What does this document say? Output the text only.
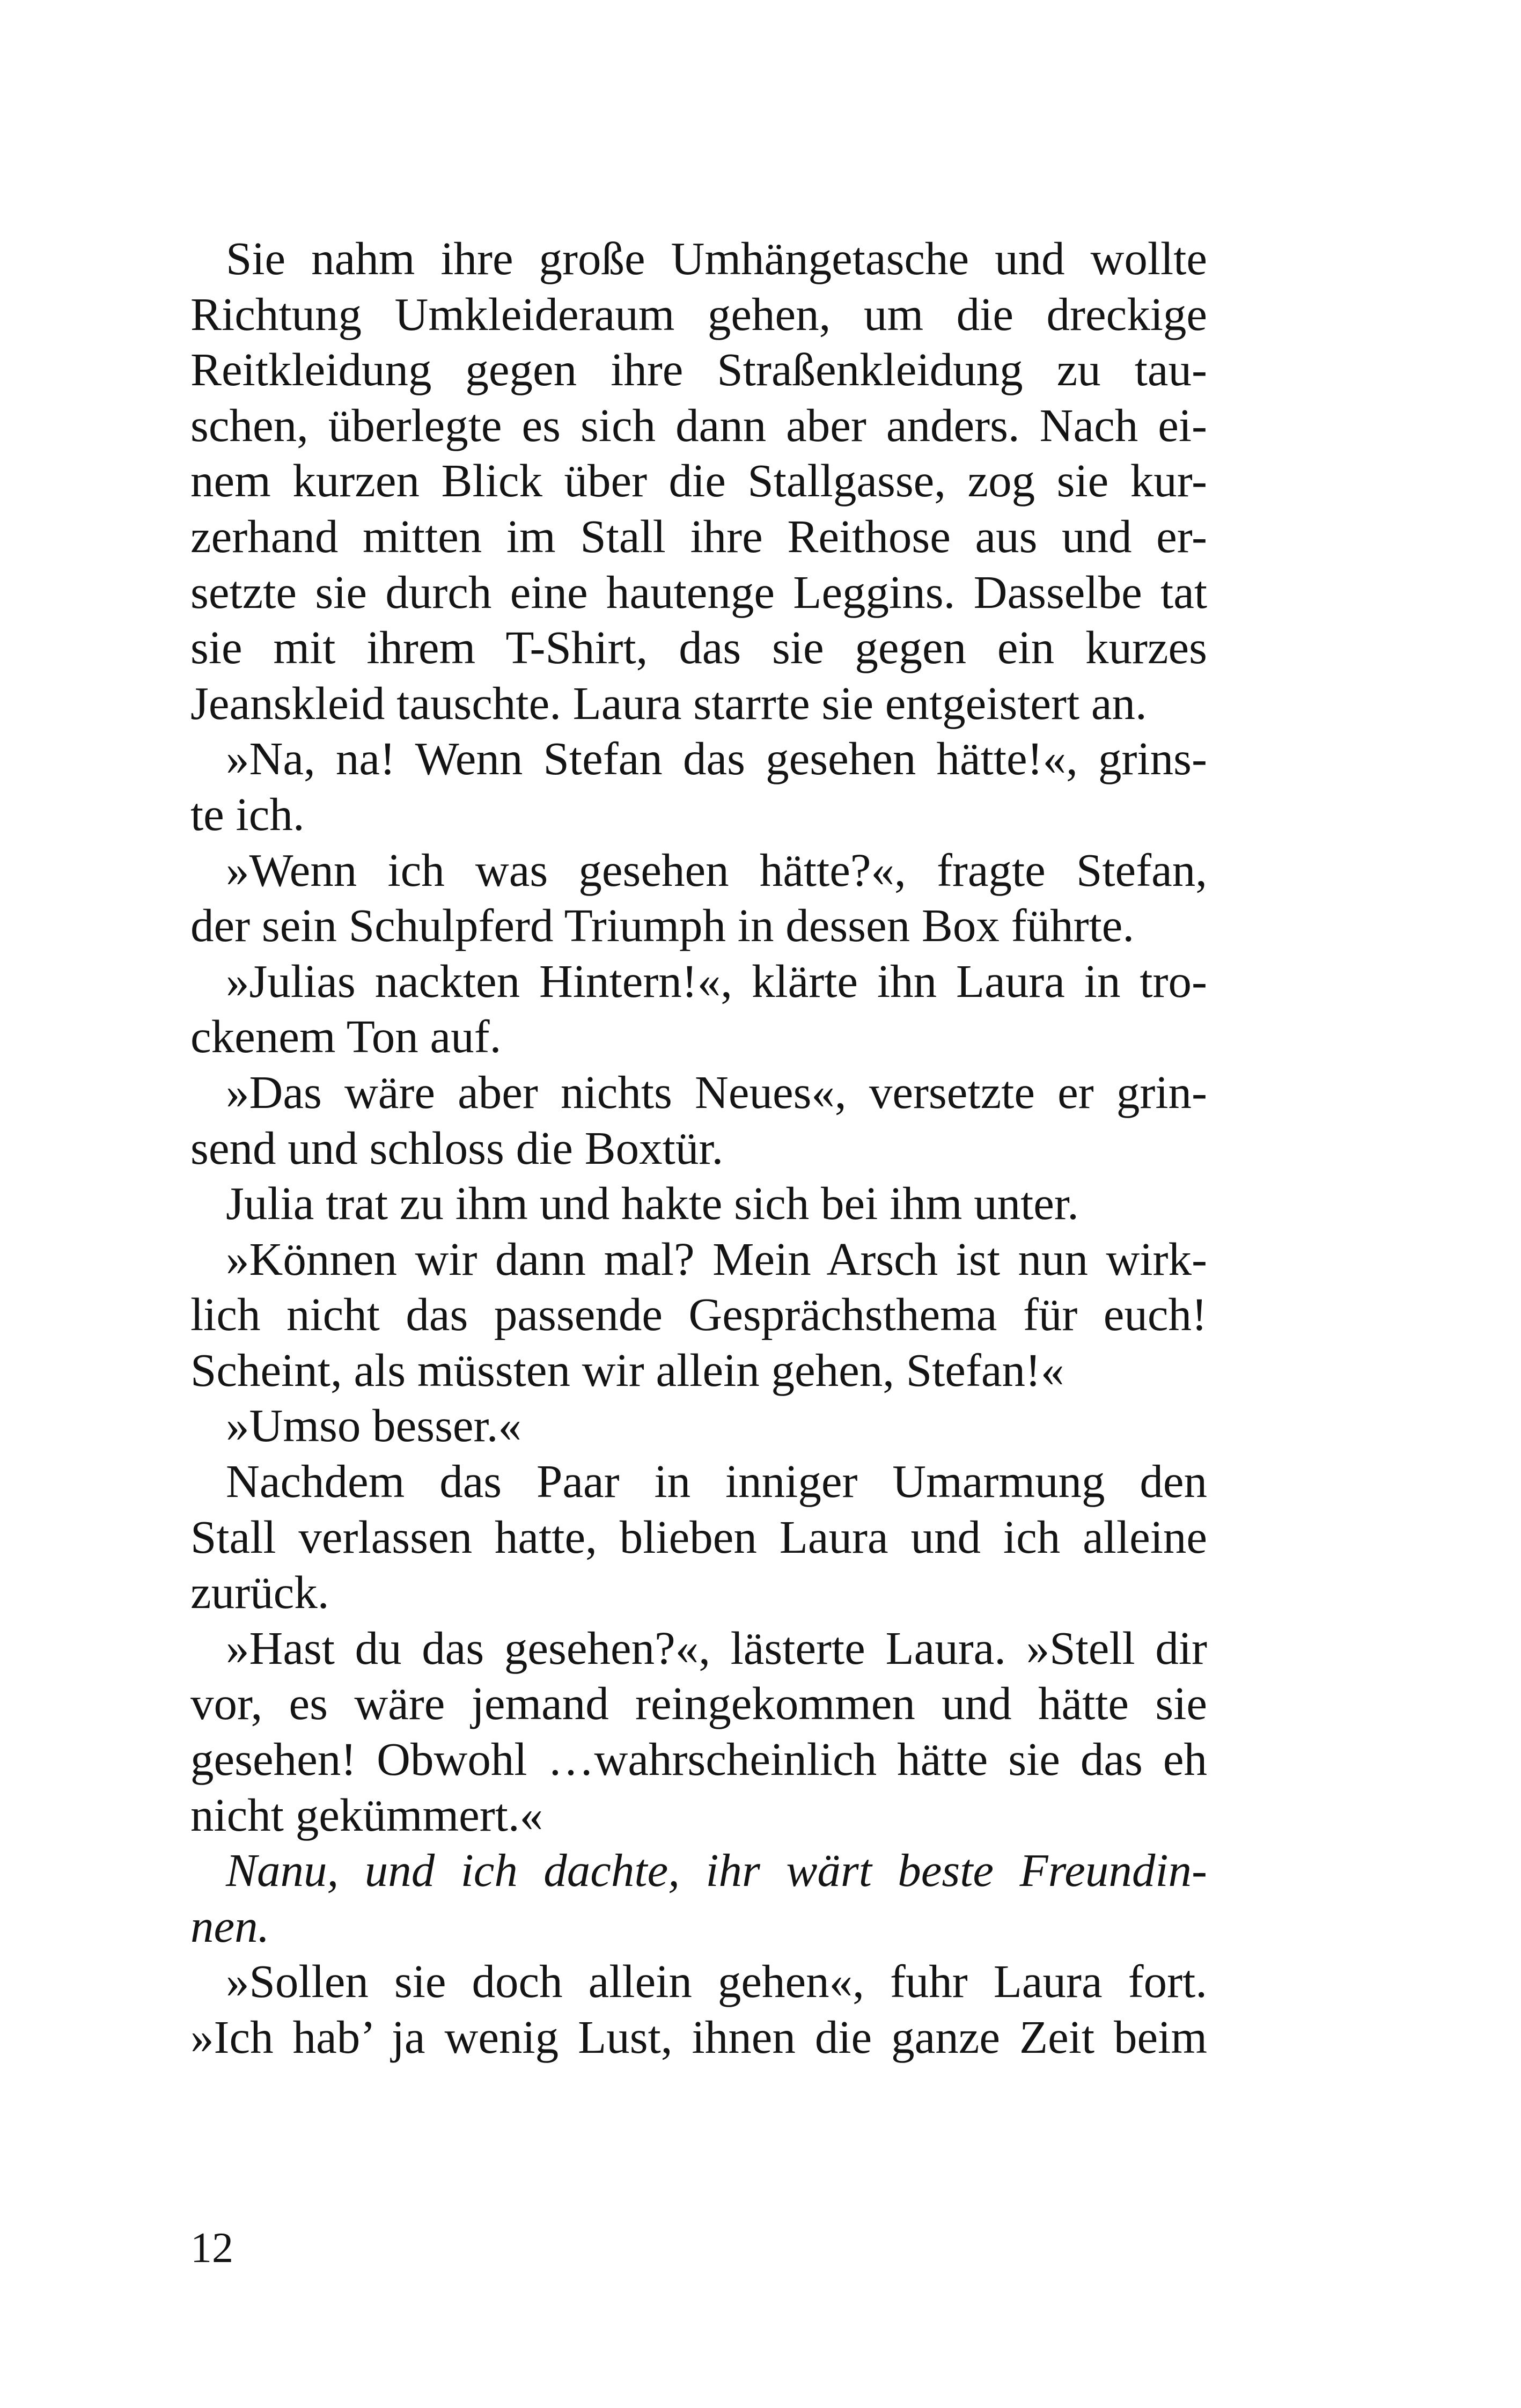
Sie nahm ihre große Umhängetasche und wollte
Richtung Umkleideraum gehen, um die dreckige
Reitkleidung gegen ihre Straßenkleidung zu tau-
schen, überlegte es sich dann aber anders. Nach ei-
nem kurzen Blick über die Stallgasse, zog sie kur-
zerhand mitten im Stall ihre Reithose aus und er-
setzte sie durch eine hautenge Leggins. Dasselbe tat
sie mit ihrem T-Shirt, das sie gegen ein kurzes
Jeanskleid tauschte. Laura starrte sie entgeistert an.
»Na, na! Wenn Stefan das gesehen hätte!«, grins-
te ich.
»Wenn ich was gesehen hätte?«, fragte Stefan,
der sein Schulpferd Triumph in dessen Box führte.
»Julias nackten Hintern!«, klärte ihn Laura in tro-
ckenem Ton auf.
»Das wäre aber nichts Neues«, versetzte er grin-
send und schloss die Boxtür.
Julia trat zu ihm und hakte sich bei ihm unter.
»Können wir dann mal? Mein Arsch ist nun wirk-
lich nicht das passende Gesprächsthema für euch!
Scheint, als müssten wir allein gehen, Stefan!«
»Umso besser.«
Nachdem das Paar in inniger Umarmung den
Stall verlassen hatte, blieben Laura und ich alleine
zurück.
»Hast du das gesehen?«, lästerte Laura. »Stell dir
vor, es wäre jemand reingekommen und hätte sie
gesehen! Obwohl …wahrscheinlich hätte sie das eh
nicht gekümmert.«
Nanu, und ich dachte, ihr wärt beste Freundin-
nen.
»Sollen sie doch allein gehen«, fuhr Laura fort.
»Ich hab’ ja wenig Lust, ihnen die ganze Zeit beim
12
